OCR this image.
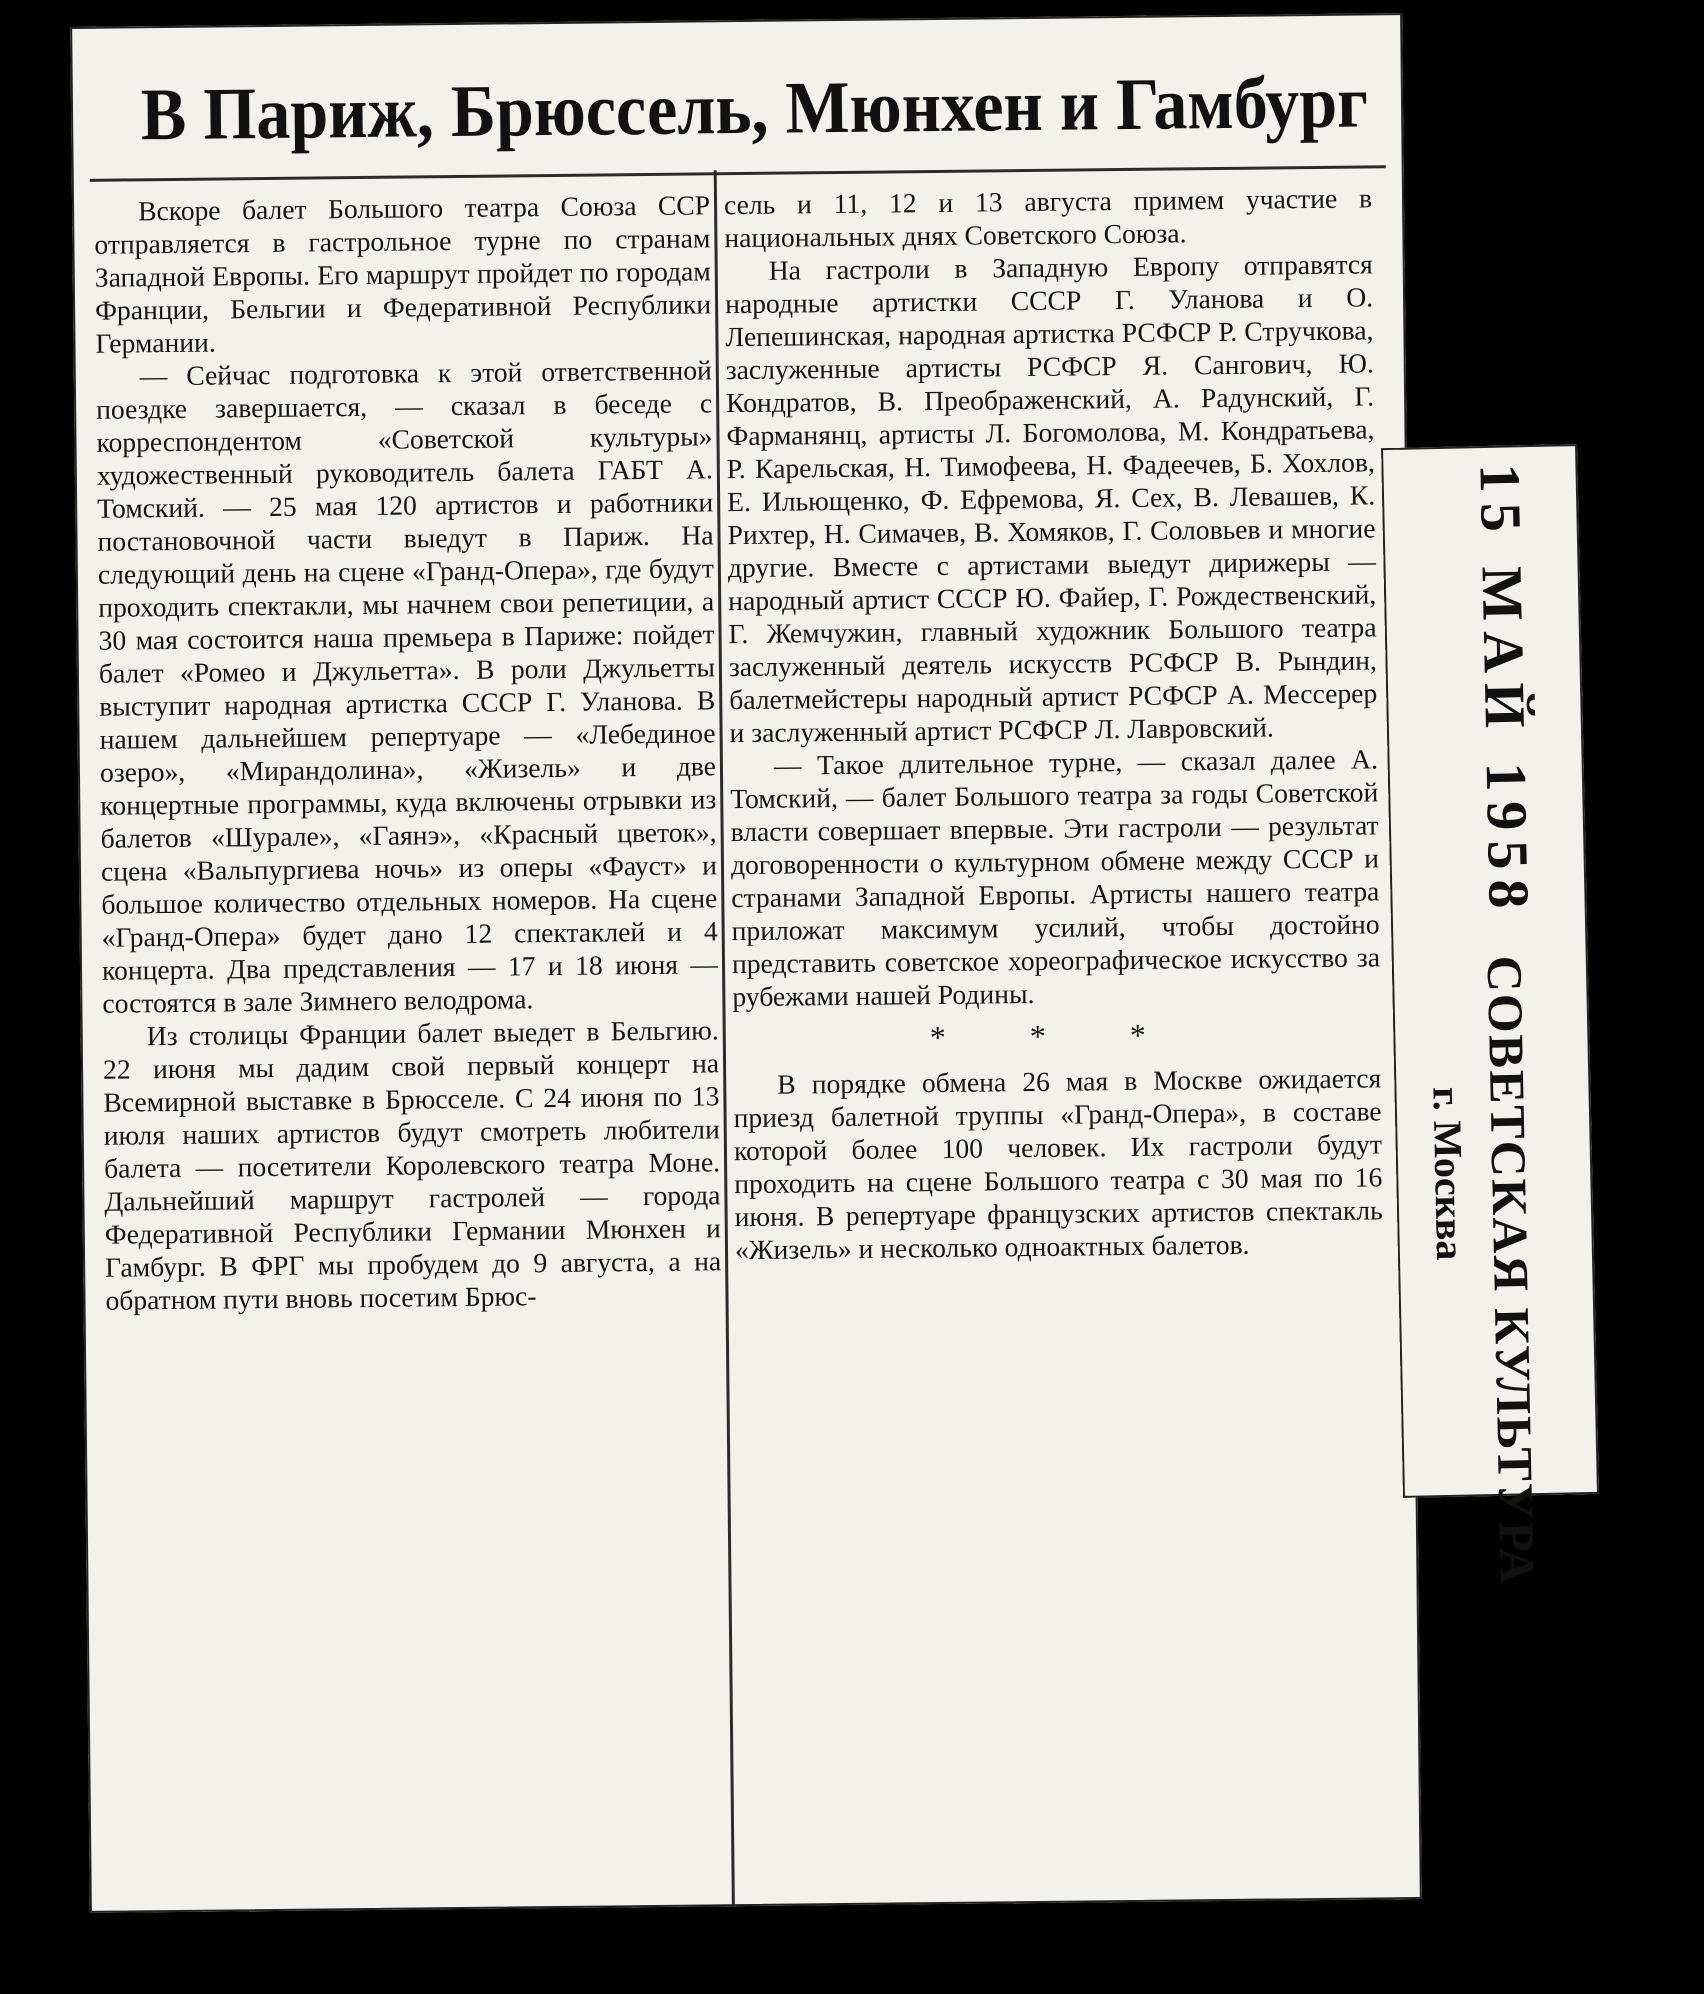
В Париж, Брюссель, Мюнхен и Гамбург

Вскоре балет Большого театра Союза ССР отправляется в гастрольное турне по странам Западной Европы. Его маршрут пройдет по городам Франции, Бельгии и Федеративной Республики Германии.

— Сейчас подготовка к этой ответственной поездке завершается, — сказал в беседе с корреспондентом «Советской культуры» художественный руководитель балета ГАБТ А. Томский. — 25 мая 120 артистов и работники постановочной части выедут в Париж. На следующий день на сцене «Гранд-Опера», где будут проходить спектакли, мы начнем свои репетиции, а 30 мая состоится наша премьера в Париже: пойдет балет «Ромео и Джульетта». В роли Джульетты выступит народная артистка СССР Г. Уланова. В нашем дальнейшем репертуаре — «Лебединое озеро», «Мирандолина», «Жизель» и две концертные программы, куда включены отрывки из балетов «Шурале», «Гаянэ», «Красный цветок», сцена «Вальпургиева ночь» из оперы «Фауст» и большое количество отдельных номеров. На сцене «Гранд-Опера» будет дано 12 спектаклей и 4 концерта. Два представления — 17 и 18 июня — состоятся в зале Зимнего велодрома.

Из столицы Франции балет выедет в Бельгию. 22 июня мы дадим свой первый концерт на Всемирной выставке в Брюсселе. С 24 июня по 13 июля наших артистов будут смотреть любители балета — посетители Королевского театра Моне. Дальнейший маршрут гастролей — города Федеративной Республики Германии Мюнхен и Гамбург. В ФРГ мы пробудем до 9 августа, а на обратном пути вновь посетим Брюс-

сель и 11, 12 и 13 августа примем участие в национальных днях Советского Союза.

На гастроли в Западную Европу отправятся народные артистки СССР Г. Уланова и О. Лепешинская, народная артистка РСФСР Р. Стручкова, заслуженные артисты РСФСР Я. Сангович, Ю. Кондратов, В. Преображенский, А. Радунский, Г. Фарманянц, артисты Л. Богомолова, М. Кондратьева, Р. Карельская, Н. Тимофеева, Н. Фадеечев, Б. Хохлов, Е. Ильющенко, Ф. Ефремова, Я. Сех, В. Левашев, К. Рихтер, Н. Симачев, В. Хомяков, Г. Соловьев и многие другие. Вместе с артистами выедут дирижеры — народный артист СССР Ю. Файер, Г. Рождественский, Г. Жемчужин, главный художник Большого театра заслуженный деятель искусств РСФСР В. Рындин, балетмейстеры народный артист РСФСР А. Мессерер и заслуженный артист РСФСР Л. Лавровский.

— Такое длительное турне, — сказал далее А. Томский, — балет Большого театра за годы Советской власти совершает впервые. Эти гастроли — результат договоренности о культурном обмене между СССР и странами Западной Европы. Артисты нашего театра приложат максимум усилий, чтобы достойно представить советское хореографическое искусство за рубежами нашей Родины.

* * *

В порядке обмена 26 мая в Москве ожидается приезд балетной труппы «Гранд-Опера», в составе которой более 100 человек. Их гастроли будут проходить на сцене Большого театра с 30 мая по 16 июня. В репертуаре французских артистов спектакль «Жизель» и несколько одноактных балетов.

15 МАЙ 1958
СОВЕТСКАЯ КУЛЬТУРА
г. Москва
